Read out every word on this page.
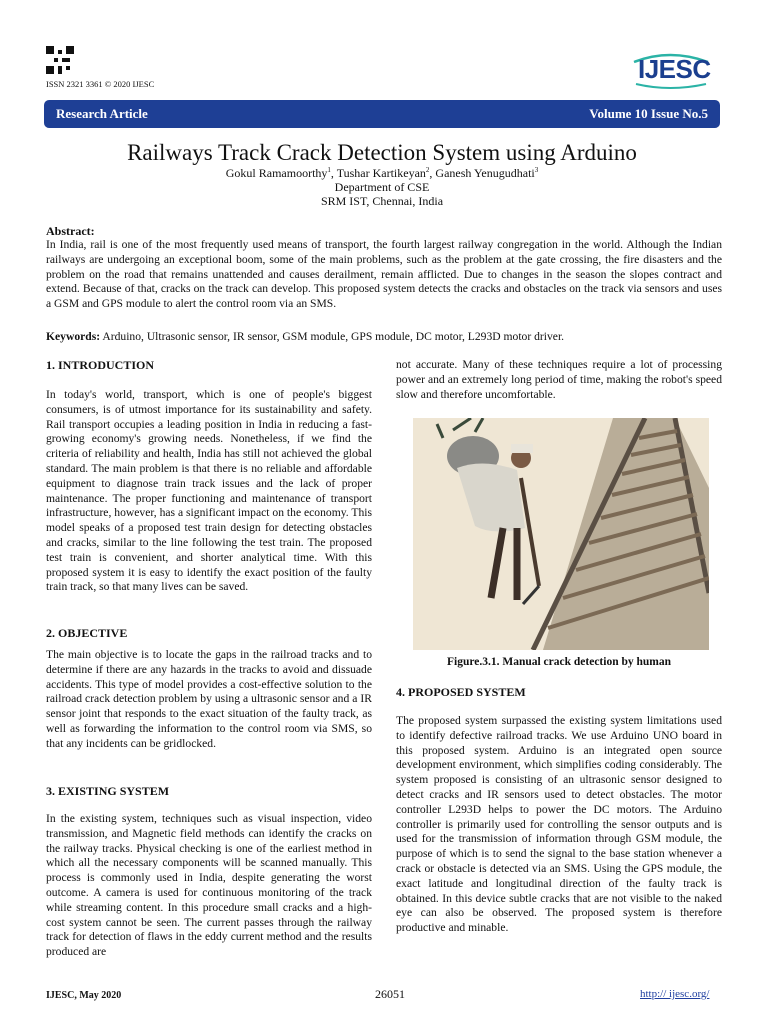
ISSN 2321 3361 © 2020 IJESC	IJESC
Research Article	Volume 10 Issue No.5
Railways Track Crack Detection System using Arduino
Gokul Ramamoorthy$^1$, Tushar Kartikeyan$^2$, Ganesh Yenugudhati$^3$
Department of CSE
SRM IST, Chennai, India
Abstract:
In India, rail is one of the most frequently used means of transport, the fourth largest railway congregation in the world. Although the Indian railways are undergoing an exceptional boom, some of the main problems, such as the problem at the gate crossing, the fire disasters and the problem on the road that remains unattended and causes derailment, remain afflicted. Due to changes in the season the slopes contract and extend. Because of that, cracks on the track can develop. This proposed system detects the cracks and obstacles on the track via sensors and uses a GSM and GPS module to alert the control room via an SMS.
Keywords: Arduino, Ultrasonic sensor, IR sensor, GSM module, GPS module, DC motor, L293D motor driver.
1. INTRODUCTION
In today's world, transport, which is one of people's biggest consumers, is of utmost importance for its sustainability and safety. Rail transport occupies a leading position in India in reducing a fast-growing economy's growing needs. Nonetheless, if we find the criteria of reliability and health, India has still not achieved the global standard. The main problem is that there is no reliable and affordable equipment to diagnose train track issues and the lack of proper maintenance. The proper functioning and maintenance of transport infrastructure, however, has a significant impact on the economy. This model speaks of a proposed test train design for detecting obstacles and cracks, similar to the line following the test train. The proposed test train is convenient, and shorter analytical time. With this proposed system it is easy to identify the exact position of the faulty train track, so that many lives can be saved.
2. OBJECTIVE
The main objective is to locate the gaps in the railroad tracks and to determine if there are any hazards in the tracks to avoid and dissuade accidents. This type of model provides a cost-effective solution to the railroad crack detection problem by using a ultrasonic sensor and a IR sensor joint that responds to the exact situation of the faulty track, as well as forwarding the information to the control room via SMS, so that any incidents can be gridlocked.
3. EXISTING SYSTEM
In the existing system, techniques such as visual inspection, video transmission, and Magnetic field methods can identify the cracks on the railway tracks. Physical checking is one of the earliest method in which all the necessary components will be scanned manually. This process is commonly used in India, despite generating the worst outcome. A camera is used for continuous monitoring of the track while streaming content. In this procedure small cracks and a high-cost system cannot be seen. The current passes through the railway track for detection of flaws in the eddy current method and the results produced are
not accurate. Many of these techniques require a lot of processing power and an extremely long period of time, making the robot's speed slow and therefore uncomfortable.
Figure.3.1. Manual crack detection by human
4. PROPOSED SYSTEM
The proposed system surpassed the existing system limitations used to identify defective railroad tracks. We use Arduino UNO board in this proposed system. Arduino is an integrated open source development environment, which simplifies coding considerably. The system proposed is consisting of an ultrasonic sensor designed to detect cracks and IR sensors used to detect obstacles. The motor controller L293D helps to power the DC motors. The Arduino controller is primarily used for controlling the sensor outputs and is used for the transmission of information through GSM module, the purpose of which is to send the signal to the base station whenever a crack or obstacle is detected via an SMS. Using the GPS module, the exact latitude and longitudinal direction of the faulty track is obtained. In this device subtle cracks that are not visible to the naked eye can also be observed. The proposed system is therefore productive and minable.
IJESC, May 2020	26051	http:// ijesc.org/
